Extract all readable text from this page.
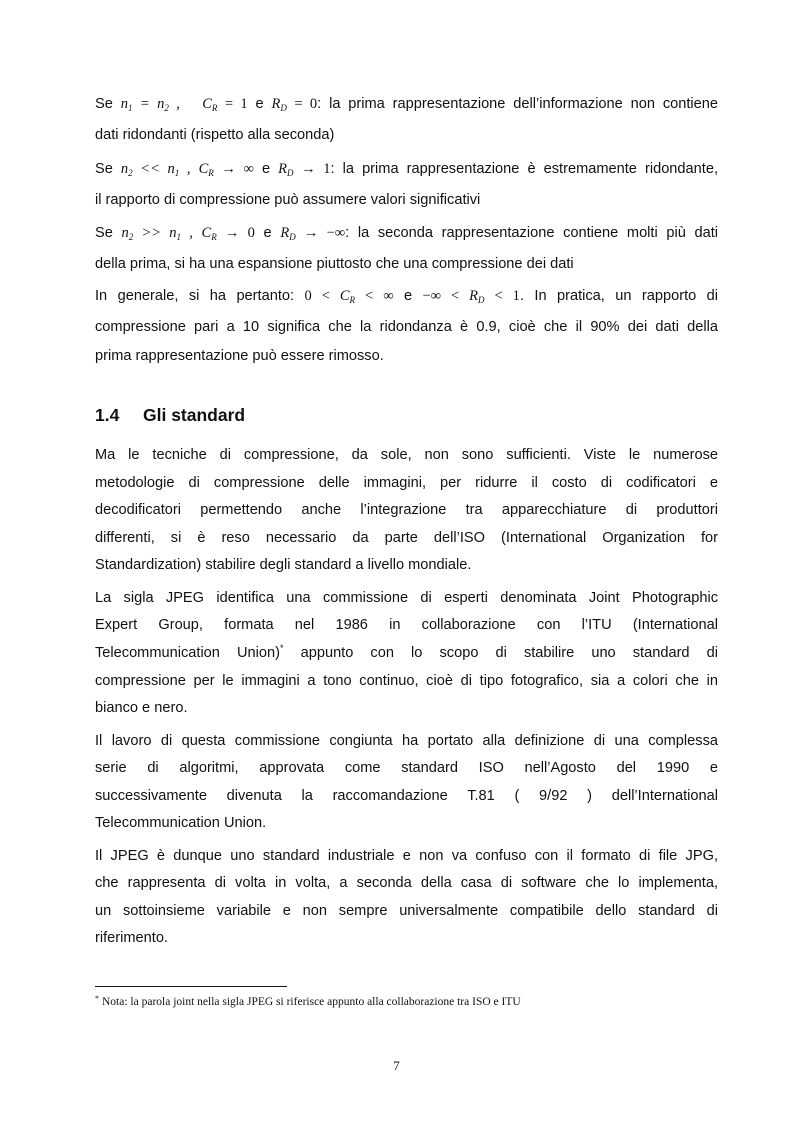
Se $n_1 = n_2$ ,   $C_R = 1$ e $R_D = 0$: la prima rappresentazione dell’informazione non contiene
dati ridondanti (rispetto alla seconda)
Se $n_2 << n_1$ , $C_R$ → ∞ e $R_D \to 1$: la prima rappresentazione è estremamente ridondante,
il rapporto di compressione può assumere valori significativi
Se $n_2 >> n_1$ , $C_R \to 0$ e $R_D$ → −∞: la seconda rappresentazione contiene molti più dati
della prima, si ha una espansione piuttosto che una compressione dei dati
In generale, si ha pertanto: $0 < C_R$ < ∞ e −∞ < $R_D < 1$. In pratica, un rapporto di
compressione pari a 10 significa che la ridondanza è 0.9, cioè che il 90% dei dati della
prima rappresentazione può essere rimosso.
Ma le tecniche di compressione, da sole, non sono sufficienti. Viste le numerose
metodologie di compressione delle immagini, per ridurre il costo di codificatori e
decodificatori permettendo anche l’integrazione tra apparecchiature di produttori
differenti, si è reso necessario da parte dell’ISO (International Organization for
Standardization) stabilire degli standard a livello mondiale.
La sigla JPEG identifica una commissione di esperti denominata Joint Photographic
Expert Group, formata nel 1986 in collaborazione con l’ITU (International
Telecommunication Union)* appunto con lo scopo di stabilire uno standard di
compressione per le immagini a tono continuo, cioè di tipo fotografico, sia a colori che in
bianco e nero.
Il lavoro di questa commissione congiunta ha portato alla definizione di una complessa
serie di algoritmi, approvata come standard ISO nell’Agosto del 1990 e
successivamente divenuta la raccomandazione T.81 ( 9/92 ) dell’International
Telecommunication Union.
Il JPEG è dunque uno standard industriale e non va confuso con il formato di file JPG,
che rappresenta di volta in volta, a seconda della casa di software che lo implementa,
un sottoinsieme variabile e non sempre universalmente compatibile dello standard di
riferimento.
1.4 Gli standard
* Nota: la parola joint nella sigla JPEG si riferisce appunto alla collaborazione tra ISO e ITU
7
